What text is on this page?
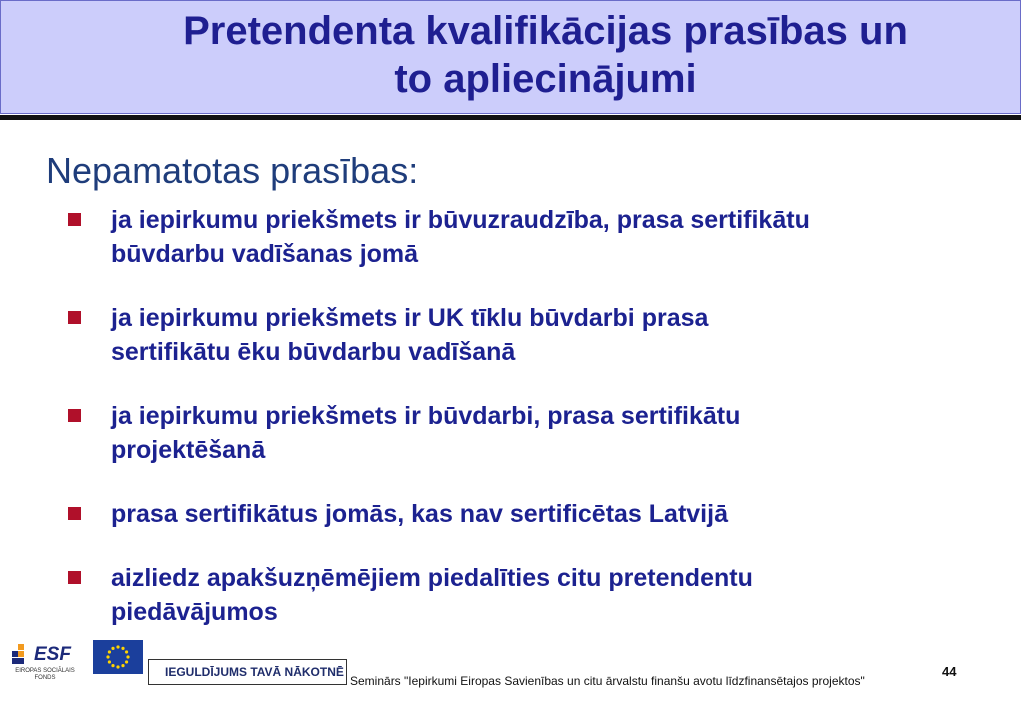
Pretendenta kvalifikācijas prasības un
to apliecinājumi
Nepamatotas prasības:
ja iepirkumu priekšmets ir būvuzraudzība, prasa sertifikātu
būvdarbu vadīšanas jomā
ja iepirkumu priekšmets ir UK tīklu būvdarbi prasa
sertifikātu ēku būvdarbu vadīšanā
ja iepirkumu priekšmets ir būvdarbi, prasa sertifikātu
projektēšanā
prasa sertifikātus jomās, kas nav sertificētas Latvijā
aizliedz apakšuzņēmējiem piedalīties citu pretendentu
piedāvājumos
ESF
EIROPAS SOCIĀLAIS FONDS	IEGULDĪJUMS TAVĀ NĀKOTNĒ
Seminārs "Iepirkumi Eiropas Savienības un citu ārvalstu finanšu avotu līdzfinansētajos projektos"
44
